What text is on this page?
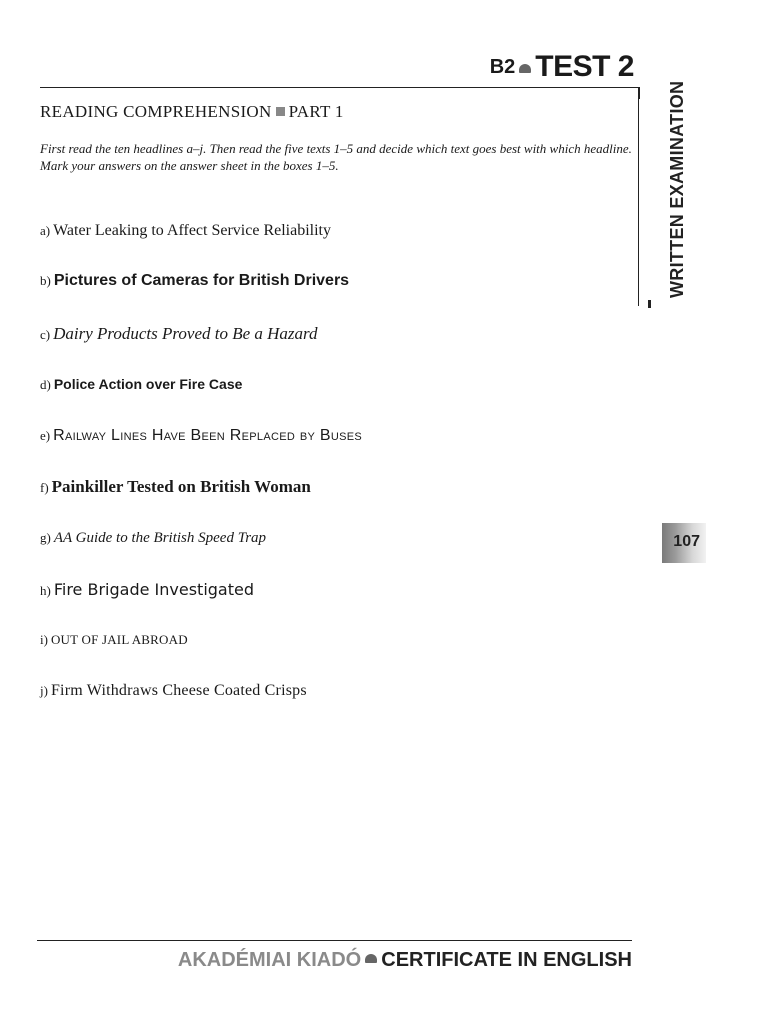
B2 TEST 2
WRITTEN EXAMINATION
READING COMPREHENSION PART 1

First read the ten headlines a–j. Then read the five texts 1–5 and decide which text goes best with which headline.

Mark your answers on the answer sheet in the boxes 1–5.

a) Water Leaking to Affect Service Reliability
b) Pictures of Cameras for British Drivers
c) Dairy Products Proved to Be a Hazard
d) Police Action over Fire Case
e) Railway Lines Have Been Replaced by Buses
f) Painkiller Tested on British Woman
g) AA Guide to the British Speed Trap
h) Fire Brigade Investigated
i) OUT OF JAIL ABROAD
j) Firm Withdraws Cheese Coated Crisps
107
AKADÉMIAI KIADÓ CERTIFICATE IN ENGLISH
